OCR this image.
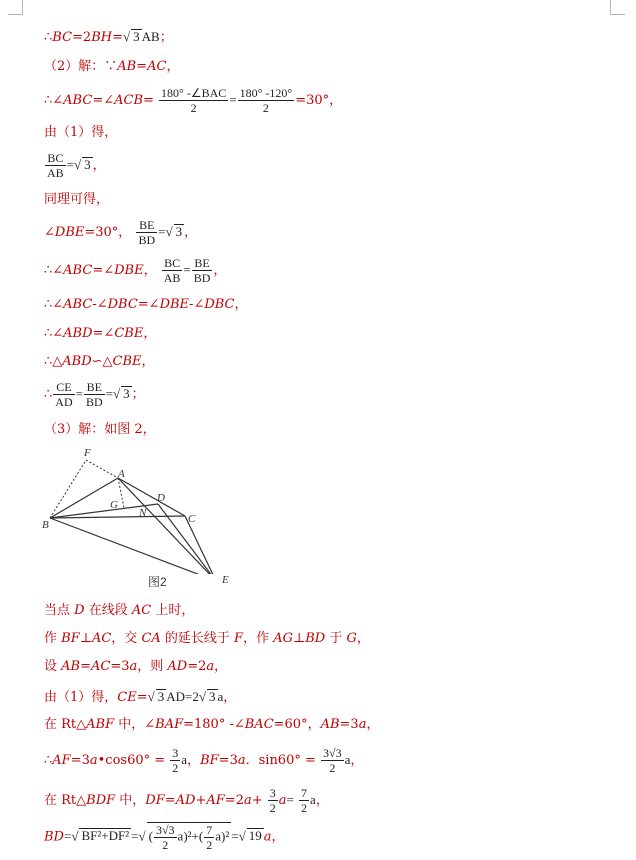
∴BC=2BH=√ 3 AB；
（2）解：∵AB=AC，
∴∠ABC=∠ACB= $\frac{\text{180° -∠BAC}}{2} = \frac{180^\circ -120^\circ}{2} =30^\circ$，
由（1）得，
$\frac{BC}{AB}$ =√ 3 ，
同理可得，
∠DBE=30°， $\frac{BE}{BD}$ =√ 3 ，
∴∠ABC=∠DBE， $\frac{BC}{AB} = \frac{BE}{BD}$ ，
∴∠ABC-∠DBC=∠DBE-∠DBC，
∴∠ABD=∠CBE，
∴△ABD∽△CBE，
∴ $\frac{CE}{AD} = \frac{BE}{BD}$ =√ 3 ；
（3）解：如图 2，
F
A
G
D
N
B	C
E
图2
当点 D 在线段 AC 上时，
作 BF⊥AC，交 CA 的延长线于 F，作 AG⊥BD 于 G，
设 AB=AC=3a，则 AD=2a，
由（1）得，CE=√ 3 AD=2√ 3 a，
在 Rt△ABF 中，∠BAF=180° -∠BAC=60°，AB=3a，
∴AF=3a•cos60° = $\frac{3}{2}$ a，BF=3a．$\sin 60^\circ = \frac{3√3}{2}$ a，
在 Rt△BDF 中，$DF=AD+AF=2a+ \frac{3}{2} a= \frac{7}{2}$ a，
BD=√ BF²+DF² =√ ( $\frac{3√3}{2} a)^2+( \frac{7}{2} a)^2$ =√ 19 a，
